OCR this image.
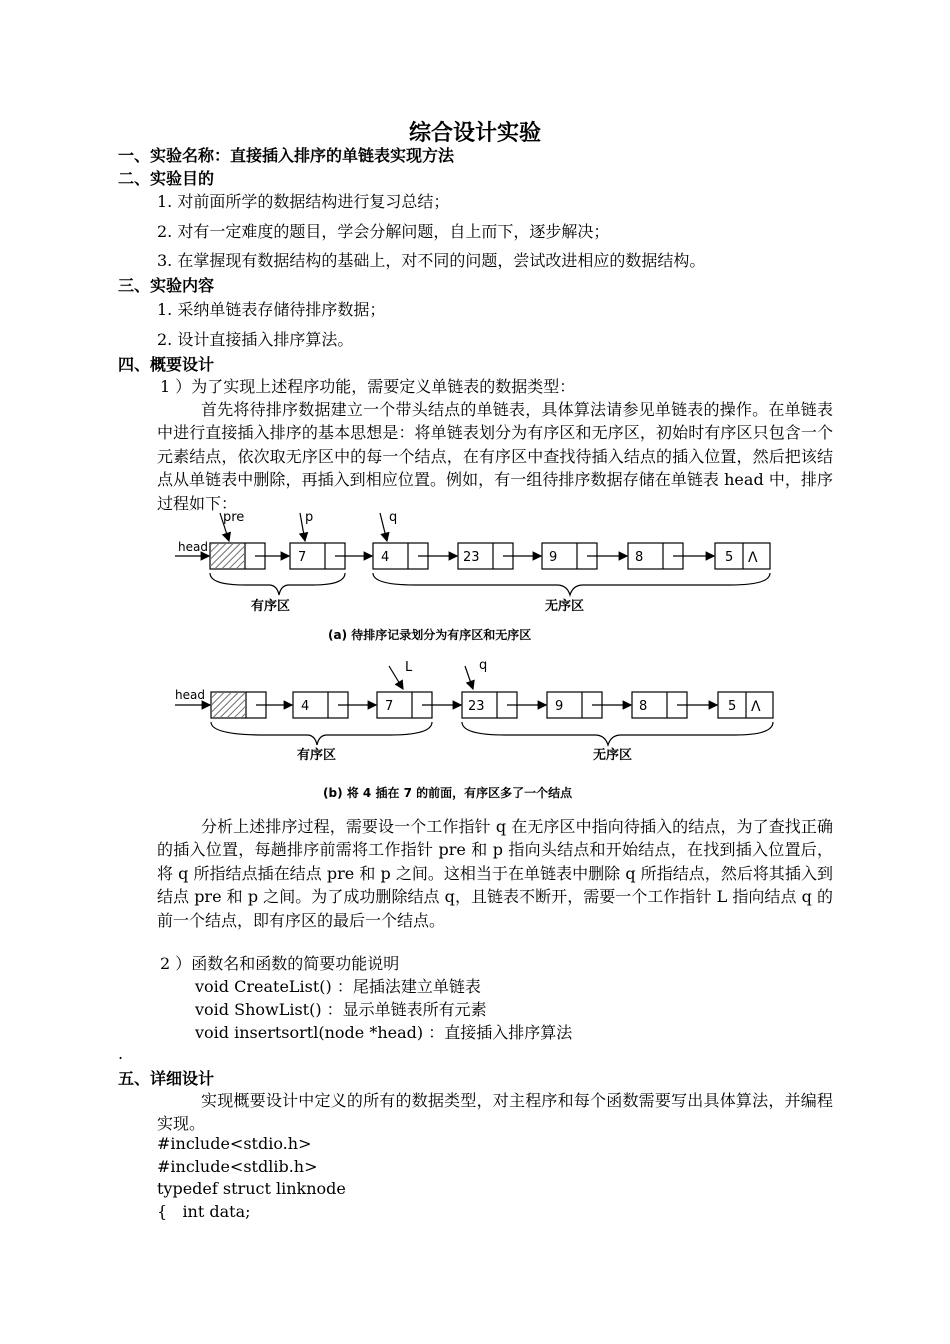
综合设计实验
一、实验名称：直接插入排序的单链表实现方法
二、实验目的
1. 对前面所学的数据结构进行复习总结；
2. 对有一定难度的题目，学会分解问题，自上而下，逐步解决；
3. 在掌握现有数据结构的基础上，对不同的问题，尝试改进相应的数据结构。
三、实验内容
1. 采纳单链表存储待排序数据；
2. 设计直接插入排序算法。
四、概要设计
1 ）为了实现上述程序功能，需要定义单链表的数据类型：
首先将待排序数据建立一个带头结点的单链表，具体算法请参见单链表的操作。在单链表中进行直接插入排序的基本思想是：将单链表划分为有序区和无序区，初始时有序区只包含一个元素结点，依次取无序区中的每一个结点，在有序区中查找待插入结点的插入位置，然后把该结点从单链表中删除，再插入到相应位置。例如，有一组待排序数据存储在单链表 head 中，排序过程如下：
head
pre	p	q
7	4	23	9	8	5 Λ
有序区	无序区
(a) 待排序记录划分为有序区和无序区
head
L	q
4	7	23	9	8	5 Λ
有序区	无序区
(b) 将 4 插在 7 的前面，有序区多了一个结点
分析上述排序过程，需要设一个工作指针 q 在无序区中指向待插入的结点，为了查找正确的插入位置，每趟排序前需将工作指针 pre 和 p 指向头结点和开始结点，在找到插入位置后，将 q 所指结点插在结点 pre 和 p 之间。这相当于在单链表中删除 q 所指结点，然后将其插入到结点 pre 和 p 之间。为了成功删除结点 q，且链表不断开，需要一个工作指针 L 指向结点 q 的前一个结点，即有序区的最后一个结点。
2 ）函数名和函数的简要功能说明
void CreateList() ：尾插法建立单链表
void ShowList() ：显示单链表所有元素
void insertsortl(node *head) ：直接插入排序算法
.
五、详细设计
实现概要设计中定义的所有的数据类型，对主程序和每个函数需要写出具体算法，并编程实现。
#include<stdio.h>
#include<stdlib.h>
typedef struct linknode
{   int data;
